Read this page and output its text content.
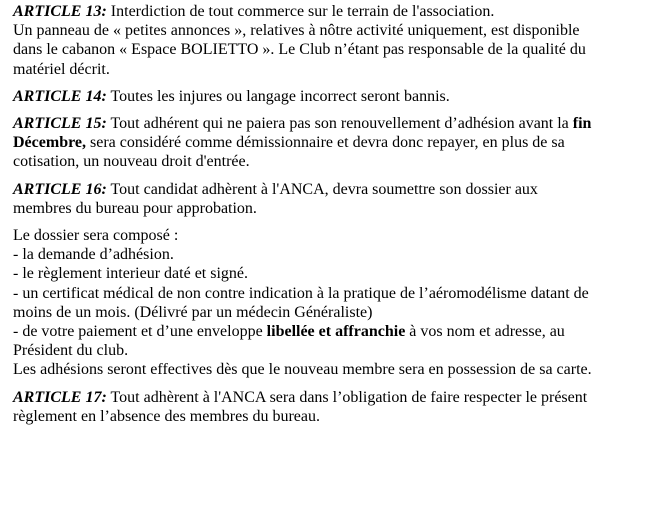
ARTICLE 13: Interdiction de tout commerce sur le terrain de l'association.
Un panneau de « petites annonces », relatives à nôtre activité uniquement, est disponible
dans le cabanon « Espace BOLIETTO ». Le Club n’étant pas responsable de la qualité du
matériel décrit.

ARTICLE 14: Toutes les injures ou langage incorrect seront bannis.

ARTICLE 15: Tout adhérent qui ne paiera pas son renouvellement d’adhésion avant la fin
Décembre, sera considéré comme démissionnaire et devra donc repayer, en plus de sa
cotisation, un nouveau droit d'entrée.

ARTICLE 16: Tout candidat adhèrent à l'ANCA, devra soumettre son dossier aux
membres du bureau pour approbation.

Le dossier sera composé :
- la demande d’adhésion.
- le règlement interieur daté et signé.
- un certificat médical de non contre indication à la pratique de l’aéromodélisme datant de
moins de un mois. (Délivré par un médecin Généraliste)
- de votre paiement et d’une enveloppe libellée et affranchie à vos nom et adresse, au
Président du club.
Les adhésions seront effectives dès que le nouveau membre sera en possession de sa carte.

ARTICLE 17: Tout adhèrent à l'ANCA sera dans l’obligation de faire respecter le présent
règlement en l’absence des membres du bureau.
